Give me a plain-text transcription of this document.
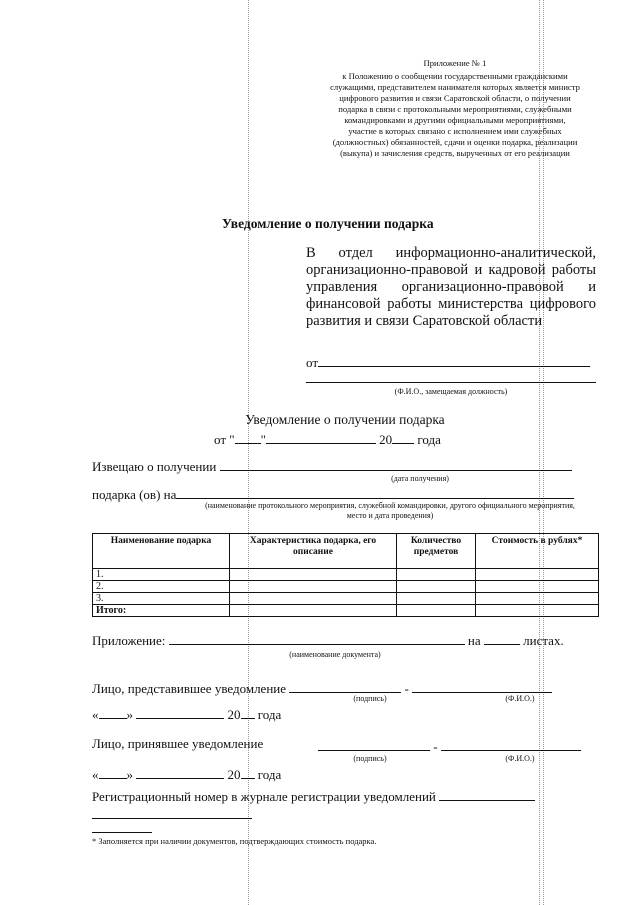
Приложение № 1
к Положению о сообщении государственными гражданскими служащими, представителем нанимателя которых является министр цифрового развития и связи Саратовской области, о получении подарка в связи с протокольными мероприятиями, служебными командировками и другими официальными мероприятиями, участие в которых связано с исполнением ими служебных (должностных) обязанностей, сдачи и оценки подарка, реализации (выкупа) и зачисления средств, вырученных от его реализации
Уведомление о получении подарка
В отдел информационно-аналитической, организационно-правовой и кадровой работы управления организационно-правовой и финансовой работы министерства цифрового развития и связи Саратовской области
от
(Ф.И.О., замещаемая должность)
Уведомление о получении подарка
от " "	20 года
Извещаю о получении
(дата получения)
подарка (ов) на
(наименование протокольного мероприятия, служебной командировки, другого официального мероприятия, место и дата проведения)
Наименование подарка	Характеристика подарка, его описание	Количество предметов	Стоимость в рублях*
1.			
2.			
3.			
Итого:			
Приложение:	на	листах.
(наименование документа)
Лицо, представившее уведомление	-
(подпись)	(Ф.И.О.)
« »	20 года
Лицо, принявшее уведомление	-
(подпись)	(Ф.И.О.)
« »	20 года
Регистрационный номер в журнале регистрации уведомлений
* Заполняется при наличии документов, подтверждающих стоимость подарка.
